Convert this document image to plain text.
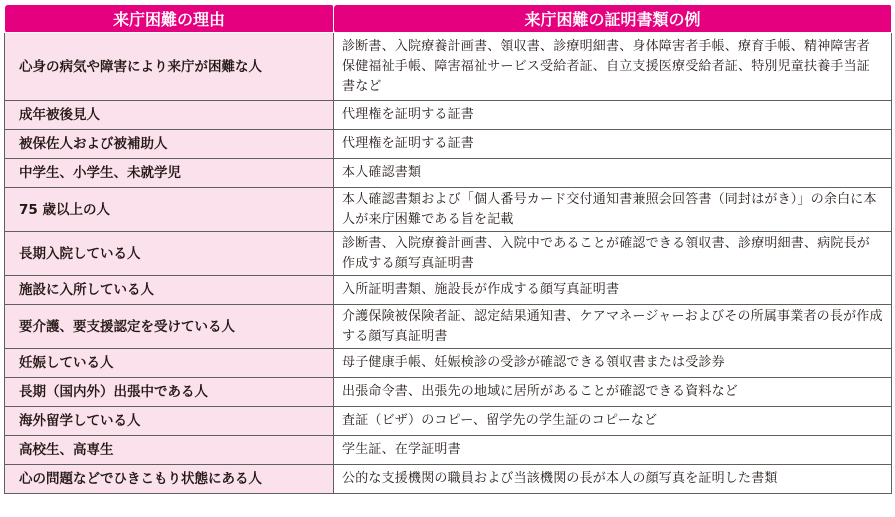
来庁困難の理由	来庁困難の証明書類の例
心身の病気や障害により来庁が困難な人	診断書、入院療養計画書、領収書、診療明細書、身体障害者手帳、療育手帳、精神障害者保健福祉手帳、障害福祉サービス受給者証、自立支援医療受給者証、特別児童扶養手当証書など
成年被後見人	代理権を証明する証書
被保佐人および被補助人	代理権を証明する証書
中学生、小学生、未就学児	本人確認書類
75 歳以上の人	本人確認書類および「個人番号カード交付通知書兼照会回答書（同封はがき）」の余白に本人が来庁困難である旨を記載
長期入院している人	診断書、入院療養計画書、入院中であることが確認できる領収書、診療明細書、病院長が作成する顔写真証明書
施設に入所している人	入所証明書類、施設長が作成する顔写真証明書
要介護、要支援認定を受けている人	介護保険被保険者証、認定結果通知書、ケアマネージャーおよびその所属事業者の長が作成する顔写真証明書
妊娠している人	母子健康手帳、妊娠検診の受診が確認できる領収書または受診券
長期（国内外）出張中である人	出張命令書、出張先の地域に居所があることが確認できる資料など
海外留学している人	査証（ビザ）のコピー、留学先の学生証のコピーなど
高校生、高専生	学生証、在学証明書
心の問題などでひきこもり状態にある人	公的な支援機関の職員および当該機関の長が本人の顔写真を証明した書類
